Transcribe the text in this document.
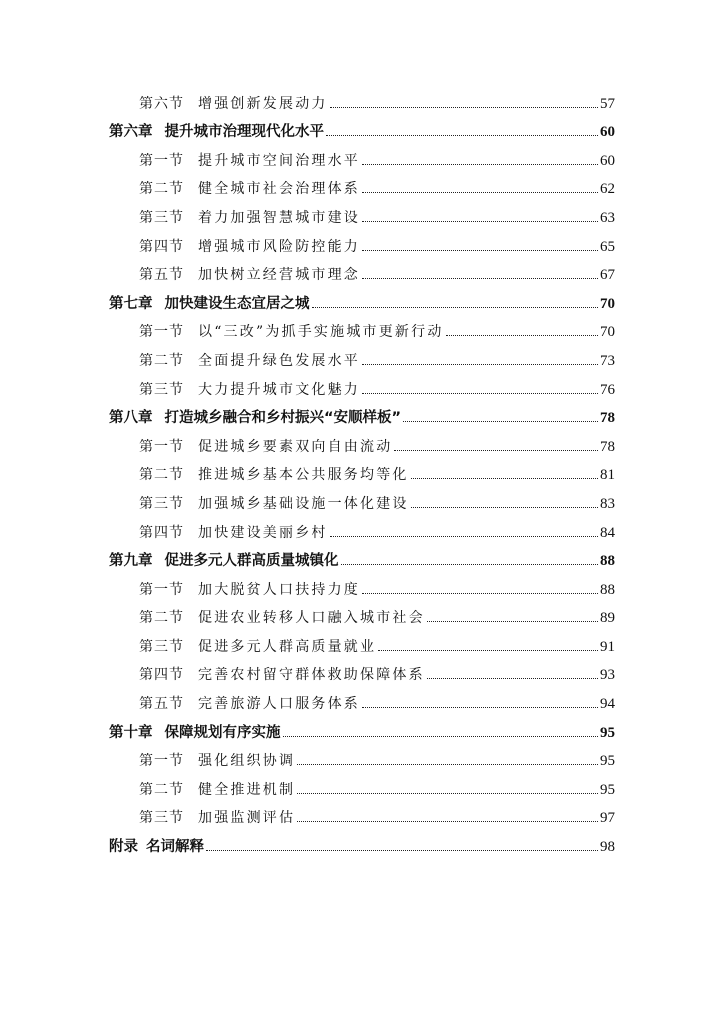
第六节 增强创新发展动力	57
第六章 提升城市治理现代化水平	60
第一节 提升城市空间治理水平	60
第二节 健全城市社会治理体系	62
第三节 着力加强智慧城市建设	63
第四节 增强城市风险防控能力	65
第五节 加快树立经营城市理念	67
第七章 加快建设生态宜居之城	70
第一节 以“三改”为抓手实施城市更新行动	70
第二节 全面提升绿色发展水平	73
第三节 大力提升城市文化魅力	76
第八章 打造城乡融合和乡村振兴“安顺样板”	78
第一节 促进城乡要素双向自由流动	78
第二节 推进城乡基本公共服务均等化	81
第三节 加强城乡基础设施一体化建设	83
第四节 加快建设美丽乡村	84
第九章 促进多元人群高质量城镇化	88
第一节 加大脱贫人口扶持力度	88
第二节 促进农业转移人口融入城市社会	89
第三节 促进多元人群高质量就业	91
第四节 完善农村留守群体救助保障体系	93
第五节 完善旅游人口服务体系	94
第十章 保障规划有序实施	95
第一节 强化组织协调	95
第二节 健全推进机制	95
第三节 加强监测评估	97
附录 名词解释	98
